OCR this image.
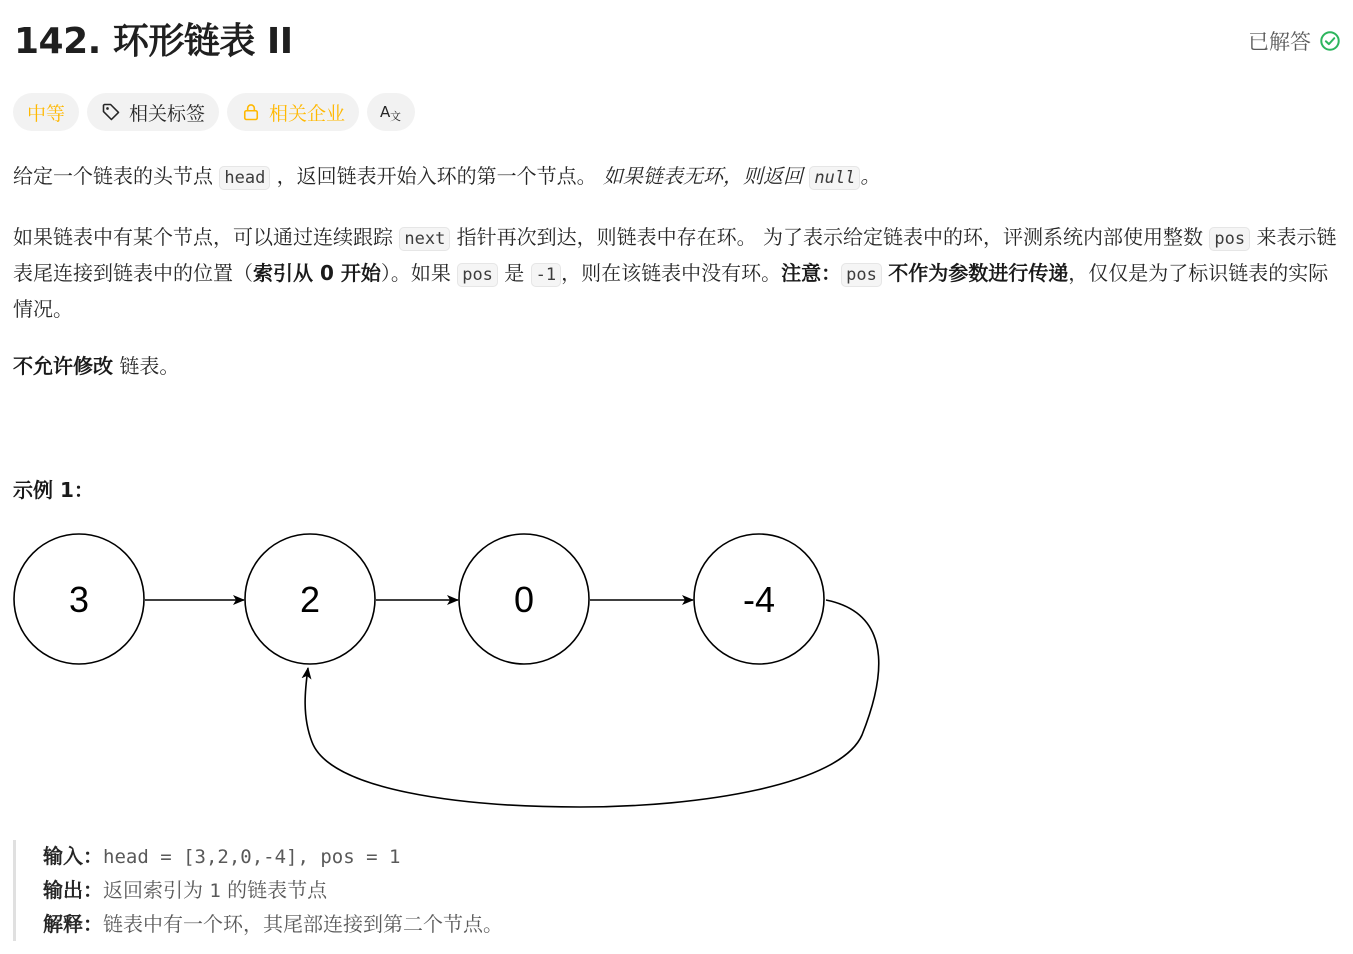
142. 环形链表 II	已解答
中等	相关标签	相关企业 A 文

给定一个链表的头节点 head ，返回链表开始入环的第一个节点。 如果链表无环，则返回 null 。

如果链表中有某个节点，可以通过连续跟踪 next 指针再次到达，则链表中存在环。 为了表示给定链表中的环，评测系统内部使用整数 pos 来表示链表尾连接到链表中的位置（索引从 0 开始）。如果 pos 是 -1 ，则在该链表中没有环。注意： pos 不作为参数进行传递，仅仅是为了标识链表的实际情况。

不允许修改 链表。

示例 1：
3	2	0	-4
输入：head = [3,2,0,-4], pos = 1
输出：返回索引为 1 的链表节点
解释：链表中有一个环，其尾部连接到第二个节点。
